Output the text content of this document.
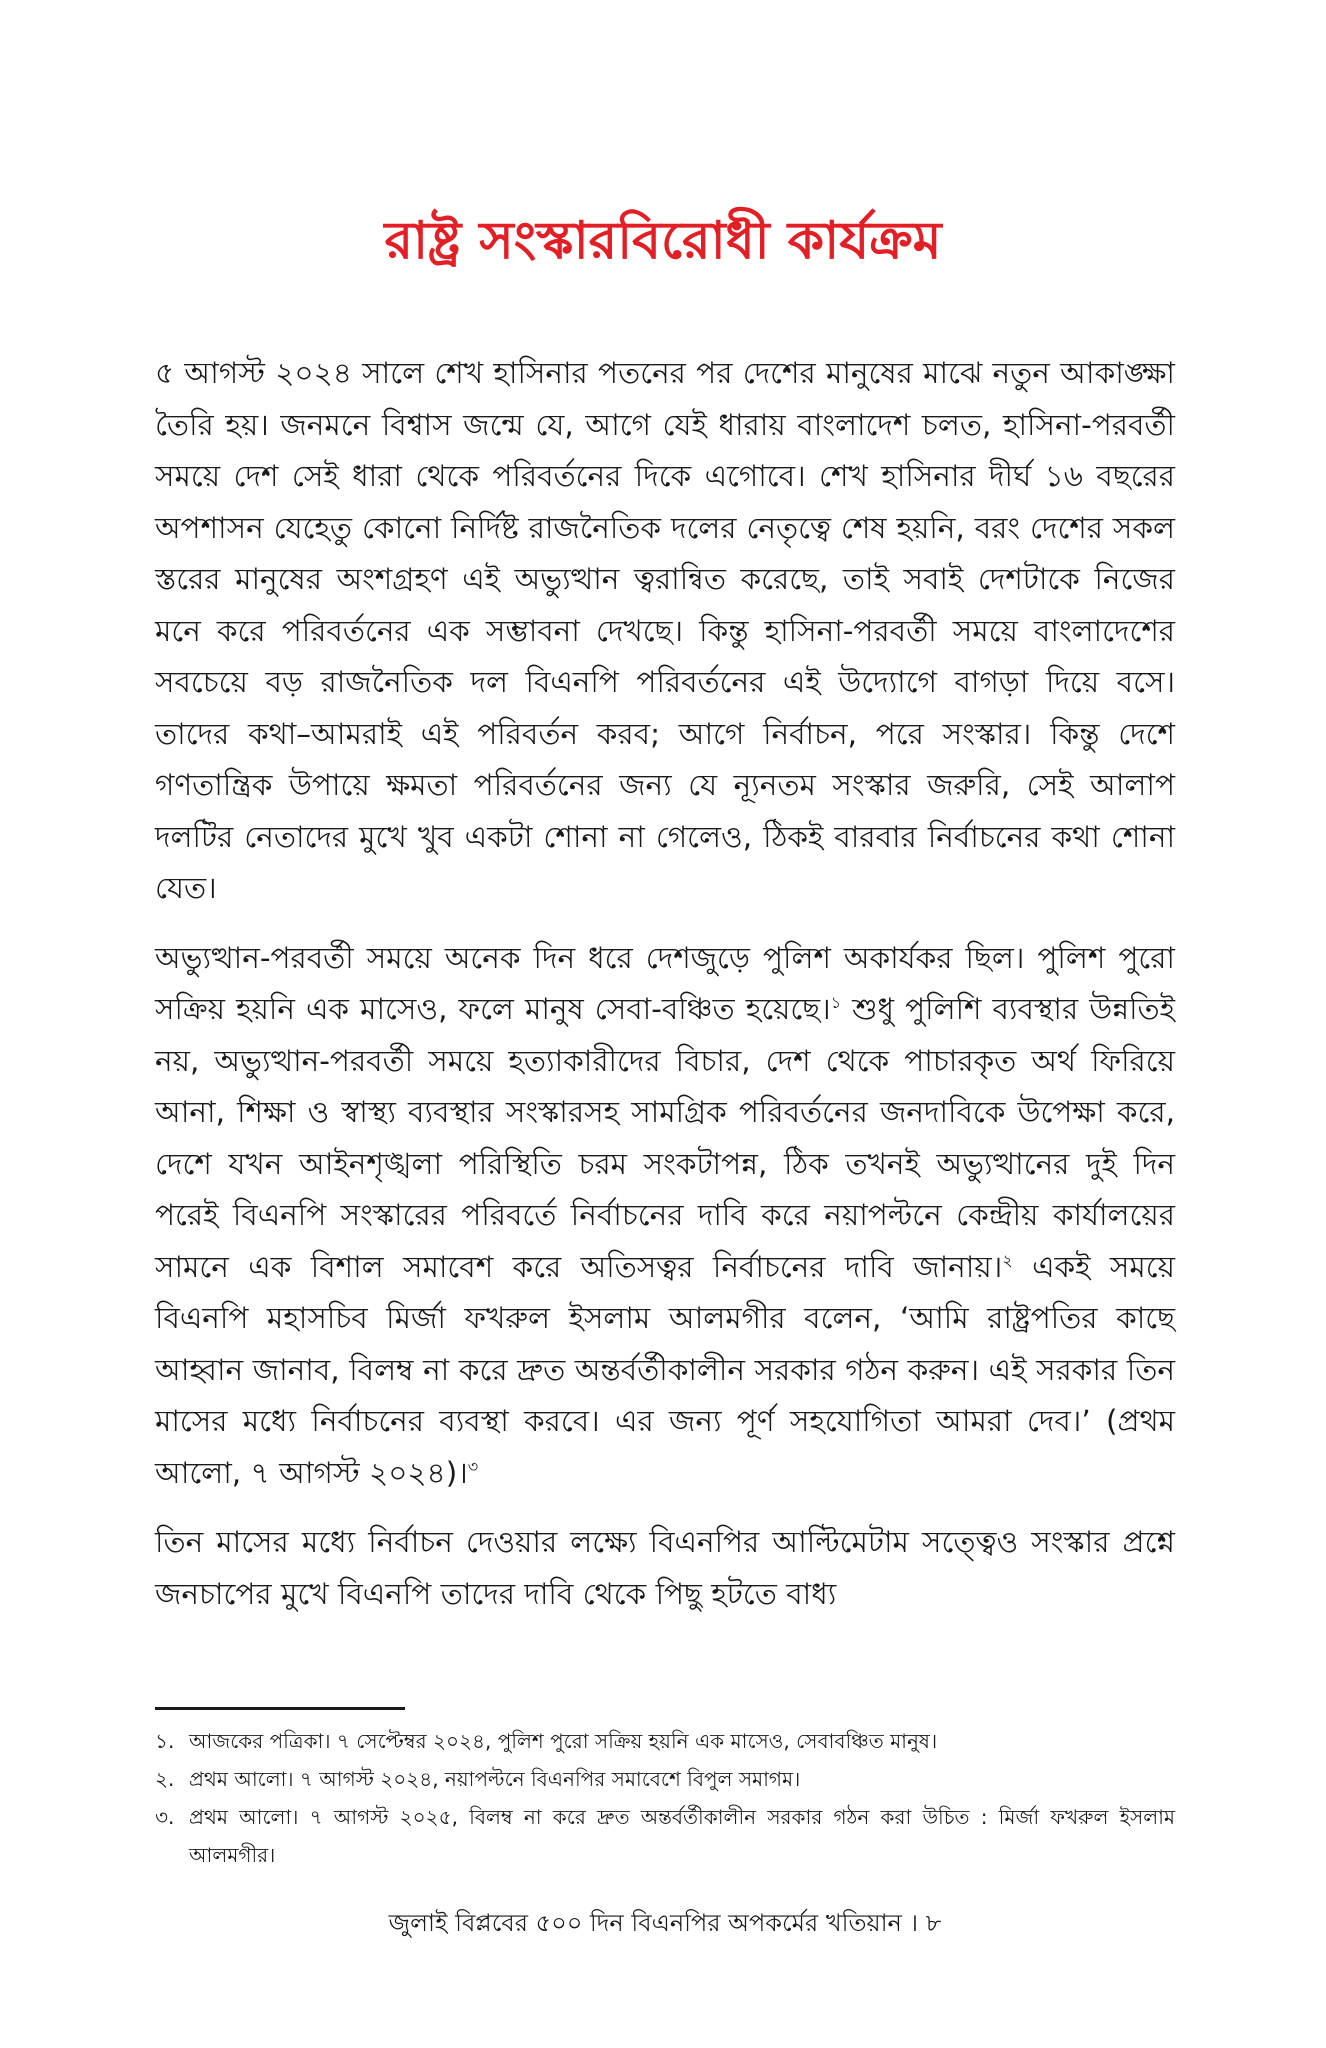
রাষ্ট্র সংস্কারবিরোধী কার্যক্রম

৫ আগস্ট ২০২৪ সালে শেখ হাসিনার পতনের পর দেশের মানুষের মাঝে নতুন আকাঙ্ক্ষা তৈরি হয়। জনমনে বিশ্বাস জন্মে যে, আগে যেই ধারায় বাংলাদেশ চলত, হাসিনা-পরবর্তী সময়ে দেশ সেই ধারা থেকে পরিবর্তনের দিকে এগোবে। শেখ হাসিনার দীর্ঘ ১৬ বছরের অপশাসন যেহেতু কোনো নির্দিষ্ট রাজনৈতিক দলের নেতৃত্বে শেষ হয়নি, বরং দেশের সকল স্তরের মানুষের অংশগ্রহণ এই অভ্যুত্থান ত্বরান্বিত করেছে, তাই সবাই দেশটাকে নিজের মনে করে পরিবর্তনের এক সম্ভাবনা দেখছে। কিন্তু হাসিনা-পরবর্তী সময়ে বাংলাদেশের সবচেয়ে বড় রাজনৈতিক দল বিএনপি পরিবর্তনের এই উদ্যোগে বাগড়া দিয়ে বসে। তাদের কথা–আমরাই এই পরিবর্তন করব; আগে নির্বাচন, পরে সংস্কার। কিন্তু দেশে গণতান্ত্রিক উপায়ে ক্ষমতা পরিবর্তনের জন্য যে ন্যূনতম সংস্কার জরুরি, সেই আলাপ দলটির নেতাদের মুখে খুব একটা শোনা না গেলেও, ঠিকই বারবার নির্বাচনের কথা শোনা যেত।

অভ্যুত্থান-পরবর্তী সময়ে অনেক দিন ধরে দেশজুড়ে পুলিশ অকার্যকর ছিল। পুলিশ পুরো সক্রিয় হয়নি এক মাসেও, ফলে মানুষ সেবা-বঞ্চিত হয়েছে।$^১$ শুধু পুলিশি ব্যবস্থার উন্নতিই নয়, অভ্যুত্থান-পরবর্তী সময়ে হত্যাকারীদের বিচার, দেশ থেকে পাচারকৃত অর্থ ফিরিয়ে আনা, শিক্ষা ও স্বাস্থ্য ব্যবস্থার সংস্কারসহ সামগ্রিক পরিবর্তনের জনদাবিকে উপেক্ষা করে, দেশে যখন আইনশৃঙ্খলা পরিস্থিতি চরম সংকটাপন্ন, ঠিক তখনই অভ্যুত্থানের দুই দিন পরেই বিএনপি সংস্কারের পরিবর্তে নির্বাচনের দাবি করে নয়াপল্টনে কেন্দ্রীয় কার্যালয়ের সামনে এক বিশাল সমাবেশ করে অতিসত্বর নির্বাচনের দাবি জানায়।$^২$ একই সময়ে বিএনপি মহাসচিব মির্জা ফখরুল ইসলাম আলমগীর বলেন, ‘আমি রাষ্ট্রপতির কাছে আহ্বান জানাব, বিলম্ব না করে দ্রুত অন্তর্বর্তীকালীন সরকার গঠন করুন। এই সরকার তিন মাসের মধ্যে নির্বাচনের ব্যবস্থা করবে। এর জন্য পূর্ণ সহযোগিতা আমরা দেব।’ (প্রথম আলো, ৭ আগস্ট ২০২৪)।$^৩$

তিন মাসের মধ্যে নির্বাচন দেওয়ার লক্ষ্যে বিএনপির আল্টিমেটাম সত্ত্বেও সংস্কার প্রশ্নে জনচাপের মুখে বিএনপি তাদের দাবি থেকে পিছু হটতে বাধ্য

১. আজকের পত্রিকা। ৭ সেপ্টেম্বর ২০২৪, পুলিশ পুরো সক্রিয় হয়নি এক মাসেও, সেবাবঞ্চিত মানুষ।
২. প্রথম আলো। ৭ আগস্ট ২০২৪, নয়াপল্টনে বিএনপির সমাবেশে বিপুল সমাগম।
৩. প্রথম আলো। ৭ আগস্ট ২০২৫, বিলম্ব না করে দ্রুত অন্তর্বর্তীকালীন সরকার গঠন করা উচিত : মির্জা ফখরুল ইসলাম আলমগীর।
জুলাই বিপ্লবের ৫০০ দিন বিএনপির অপকর্মের খতিয়ান । ৮
